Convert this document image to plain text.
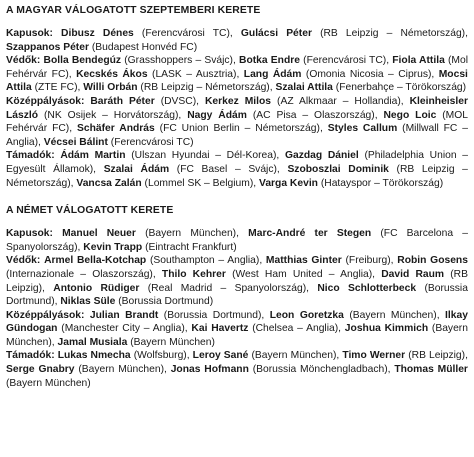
A MAGYAR VÁLOGATOTT SZEPTEMBERI KERETE

Kapusok: Dibusz Dénes (Ferencvárosi TC), Gulácsi Péter (RB Leipzig – Németország), Szappanos Péter (Budapest Honvéd FC)

Védők: Bolla Bendegúz (Grasshoppers – Svájc), Botka Endre (Ferencvárosi TC), Fiola Attila (Mol Fehérvár FC), Kecskés Ákos (LASK – Ausztria), Lang Ádám (Omonia Nicosia – Ciprus), Mocsi Attila (ZTE FC), Willi Orbán (RB Leipzig – Németország), Szalai Attila (Fenerbahçe – Törökország)

Középpályások: Baráth Péter (DVSC), Kerkez Milos (AZ Alkmaar – Hollandia), Kleinheisler László (NK Osijek – Horvátország), Nagy Ádám (AC Pisa – Olaszország), Nego Loic (MOL Fehérvár FC), Schäfer András (FC Union Berlin – Németország), Styles Callum (Millwall FC – Anglia), Vécsei Bálint (Ferencvárosi TC)

Támadók: Ádám Martin (Ulszan Hyundai – Dél-Korea), Gazdag Dániel (Philadelphia Union – Egyesült Államok), Szalai Ádám (FC Basel – Svájc), Szoboszlai Dominik (RB Leipzig – Németország), Vancsa Zalán (Lommel SK – Belgium), Varga Kevin (Hatayspor – Törökország)

A NÉMET VÁLOGATOTT KERETE

Kapusok: Manuel Neuer (Bayern München), Marc-André ter Stegen (FC Barcelona – Spanyolország), Kevin Trapp (Eintracht Frankfurt)

Védők: Armel Bella-Kotchap (Southampton – Anglia), Matthias Ginter (Freiburg), Robin Gosens (Internazionale – Olaszország), Thilo Kehrer (West Ham United – Anglia), David Raum (RB Leipzig), Antonio Rüdiger (Real Madrid – Spanyolország), Nico Schlotterbeck (Borussia Dortmund), Niklas Süle (Borussia Dortmund)

Középpályások: Julian Brandt (Borussia Dortmund), Leon Goretzka (Bayern München), Ilkay Gündogan (Manchester City – Anglia), Kai Havertz (Chelsea – Anglia), Joshua Kimmich (Bayern München), Jamal Musiala (Bayern München)

Támadók: Lukas Nmecha (Wolfsburg), Leroy Sané (Bayern München), Timo Werner (RB Leipzig), Serge Gnabry (Bayern München), Jonas Hofmann (Borussia Mönchengladbach), Thomas Müller (Bayern München)
